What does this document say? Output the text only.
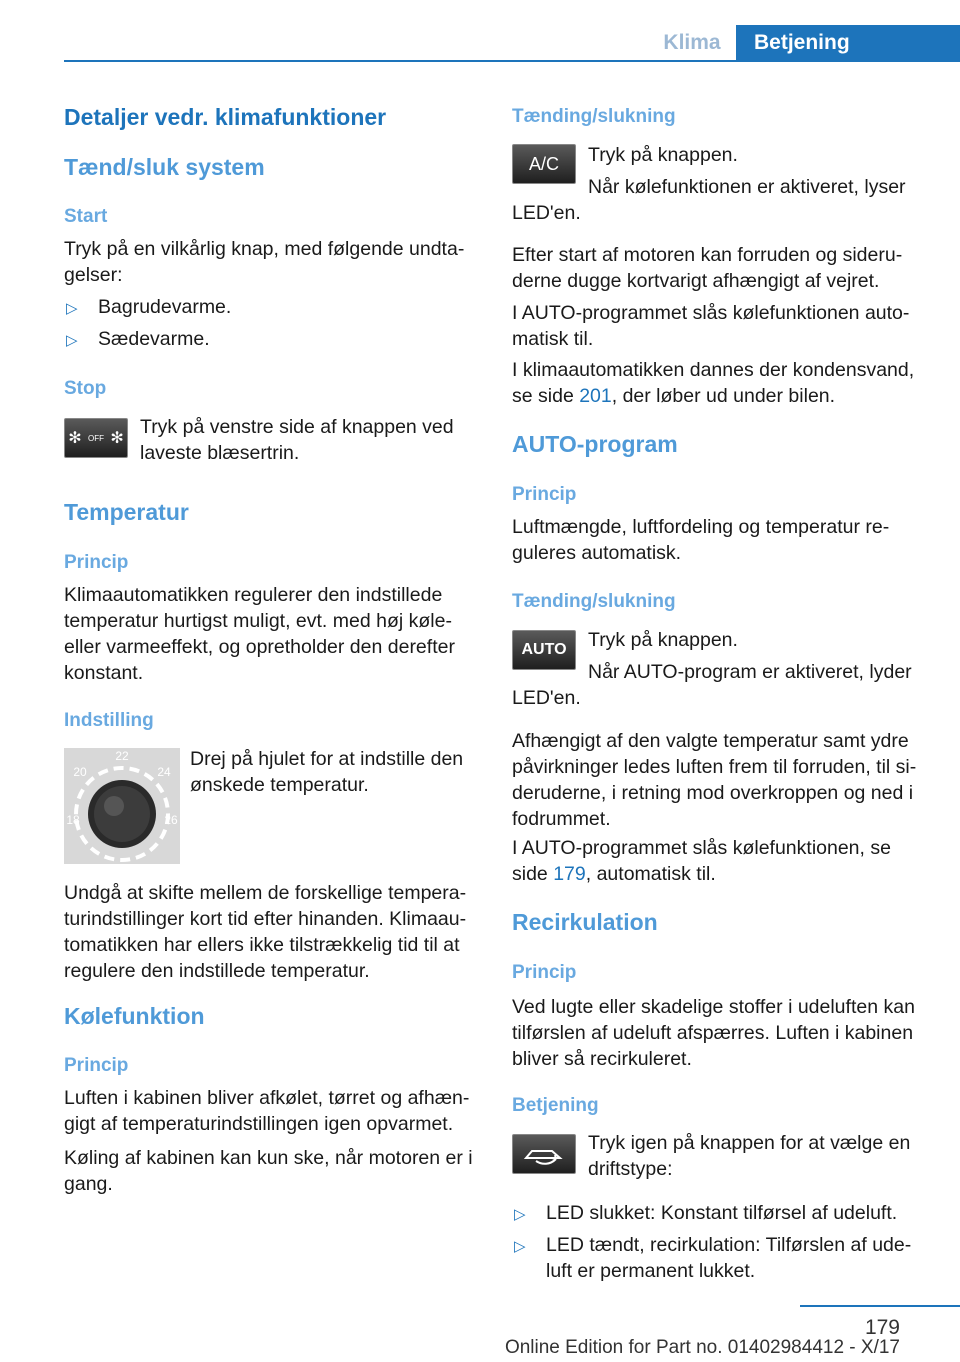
Klima	Betjening
Detaljer vedr. klimafunktioner
Tænd/sluk system
Start
Tryk på en vilkårlig knap, med følgende undta‐
gelser:
▷ Bagrudevarme.
▷ Sædevarme.
Stop
✻ OFF ✻
Tryk på venstre side af knappen ved
laveste blæsertrin.
Temperatur
Princip
Klimaautomatikken regulerer den indstillede
temperatur hurtigst muligt, evt. med høj køle‐
eller varmeeffekt, og opretholder den derefter
konstant.
Indstilling
22
20	24
18	26
Drej på hjulet for at indstille den
ønskede temperatur.
Undgå at skifte mellem de forskellige tempera‐
turindstillinger kort tid efter hinanden. Klimaau‐
tomatikken har ellers ikke tilstrækkelig tid til at
regulere den indstillede temperatur.
Kølefunktion
Princip
Luften i kabinen bliver afkølet, tørret og afhæn‐
gigt af temperaturindstillingen igen opvarmet.
Køling af kabinen kan kun ske, når motoren er i
gang.
Tænding/slukning
A/C	Tryk på knappen.
Når kølefunktionen er aktiveret, lyser
LED'en.
Efter start af motoren kan forruden og sideru‐
derne dugge kortvarigt afhængigt af vejret.
I AUTO-programmet slås kølefunktionen auto‐
matisk til.
I klimaautomatikken dannes der kondensvand,
se side 201, der løber ud under bilen.
AUTO-program
Princip
Luftmængde, luftfordeling og temperatur re‐
guleres automatisk.
Tænding/slukning
AUTO	Tryk på knappen.
Når AUTO-program er aktiveret, lyder
LED'en.
Afhængigt af den valgte temperatur samt ydre
påvirkninger ledes luften frem til forruden, til si‐
deruderne, i retning mod overkroppen og ned i
fodrummet.
I AUTO-programmet slås kølefunktionen, se
side 179, automatisk til.
Recirkulation
Princip
Ved lugte eller skadelige stoffer i udeluften kan
tilførslen af udeluft afspærres. Luften i kabinen
bliver så recirkuleret.
Betjening
Tryk igen på knappen for at vælge en
driftstype:
▷ LED slukket: Konstant tilførsel af udeluft.
▷ LED tændt, recirkulation: Tilførslen af ude‐
luft er permanent lukket.
179
Online Edition for Part no. 01402984412 - X/17
